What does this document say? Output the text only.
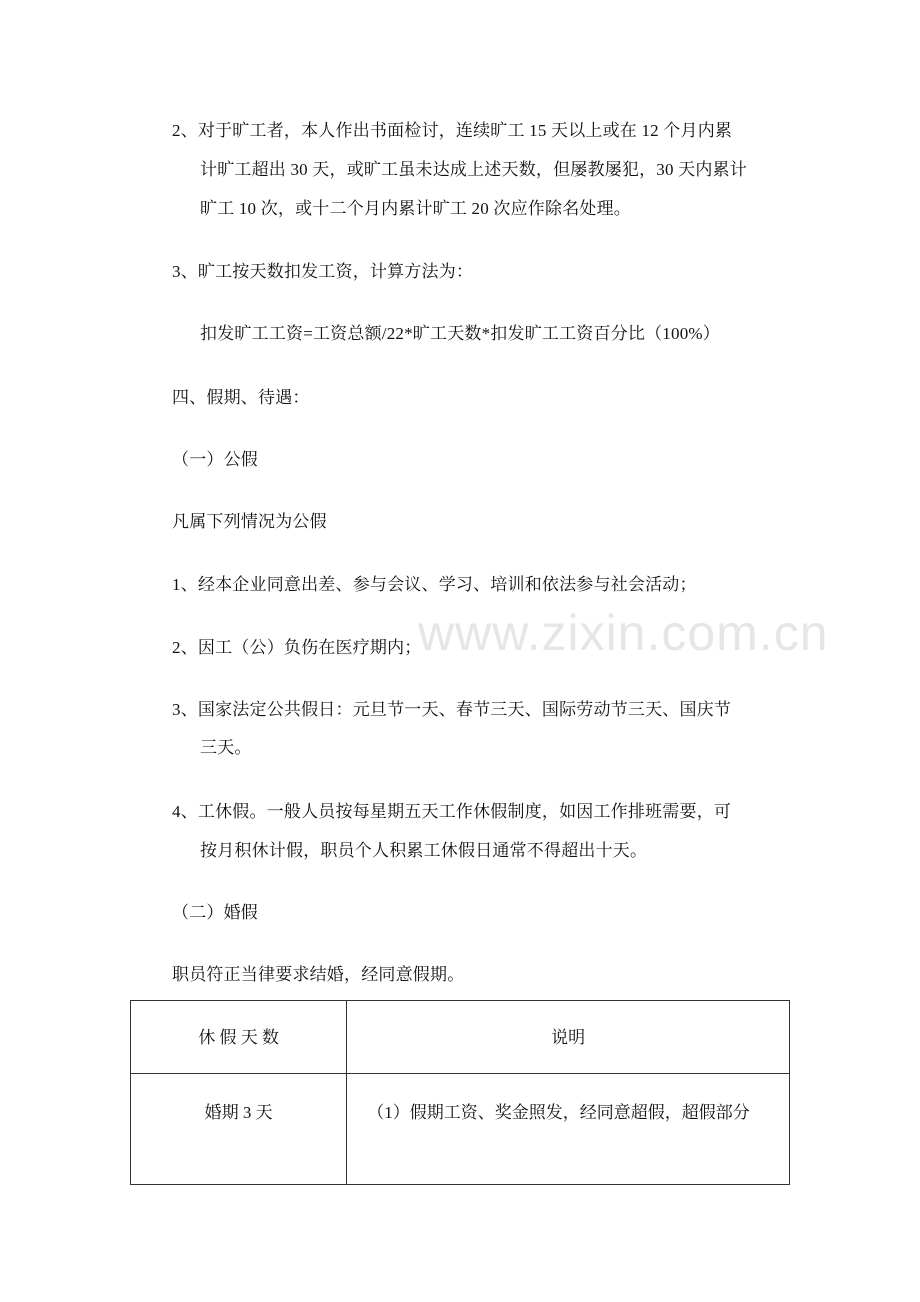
www.zixin.com.cn
2、对于旷工者，本人作出书面检讨，连续旷工 15 天以上或在 12 个月内累
计旷工超出 30 天，或旷工虽未达成上述天数，但屡教屡犯，30 天内累计
旷工 10 次，或十二个月内累计旷工 20 次应作除名处理。
3、旷工按天数扣发工资，计算方法为：
扣发旷工工资=工资总额/22*旷工天数*扣发旷工工资百分比（100%）
四、假期、待遇：
（一）公假
凡属下列情况为公假
1、经本企业同意出差、参与会议、学习、培训和依法参与社会活动；
2、因工（公）负伤在医疗期内；
3、国家法定公共假日：元旦节一天、春节三天、国际劳动节三天、国庆节
三天。
4、工休假。一般人员按每星期五天工作休假制度，如因工作排班需要，可
按月积休计假，职员个人积累工休假日通常不得超出十天。
（二）婚假
职员符正当律要求结婚，经同意假期。
休 假 天 数	说明

婚期 3 天	（1）假期工资、奖金照发，经同意超假，超假部分
